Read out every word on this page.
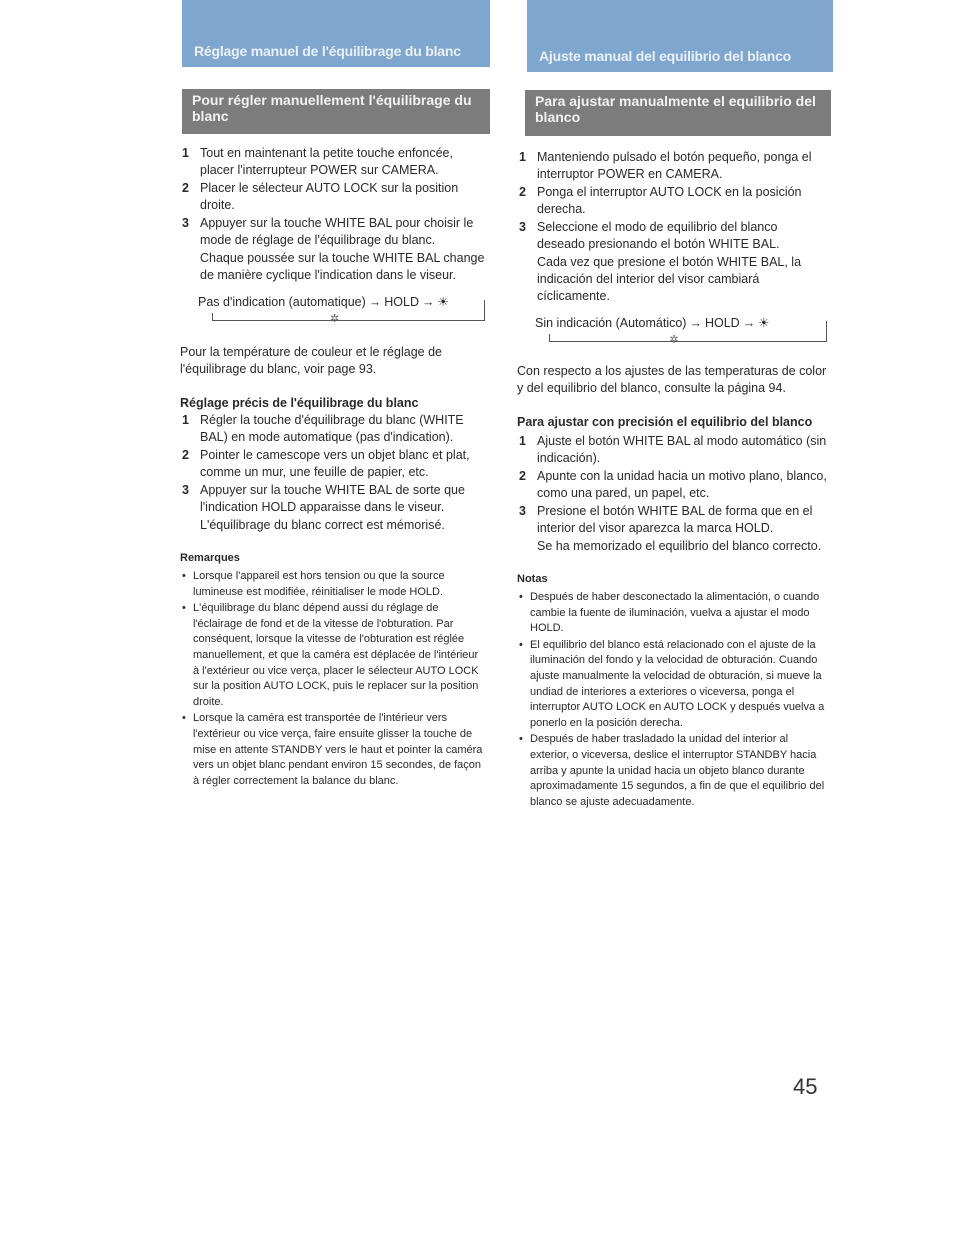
Réglage manuel de l'équilibrage du blanc
Pour régler manuellement l'équilibrage du blanc
1 Tout en maintenant la petite touche enfoncée, placer l'interrupteur POWER sur CAMERA.
2 Placer le sélecteur AUTO LOCK sur la position droite.
3 Appuyer sur la touche WHITE BAL pour choisir le mode de réglage de l'équilibrage du blanc.
Chaque poussée sur la touche WHITE BAL change de manière cyclique l'indication dans le viseur.
Pas d'indication (automatique) → HOLD → ☀
✲

Pour la température de couleur et le réglage de l'équilibrage du blanc, voir page 93.

Réglage précis de l'équilibrage du blanc
1 Régler la touche d'équilibrage du blanc (WHITE BAL) en mode automatique (pas d'indication).
2 Pointer le camescope vers un objet blanc et plat, comme un mur, une feuille de papier, etc.
3 Appuyer sur la touche WHITE BAL de sorte que l'indication HOLD apparaisse dans le viseur.
L'équilibrage du blanc correct est mémorisé.
Remarques
• Lorsque l'appareil est hors tension ou que la source lumineuse est modifiée, réinitialiser le mode HOLD.
• L'équilibrage du blanc dépend aussi du réglage de l'éclairage de fond et de la vitesse de l'obturation. Par conséquent, lorsque la vitesse de l'obturation est réglée manuellement, et que la caméra est déplacée de l'intérieur à l'extérieur ou vice verça, placer le sélecteur AUTO LOCK sur la position AUTO LOCK, puis le replacer sur la position droite.
• Lorsque la caméra est transportée de l'intérieur vers l'extérieur ou vice verça, faire ensuite glisser la touche de mise en attente STANDBY vers le haut et pointer la caméra vers un objet blanc pendant environ 15 secondes, de façon à régler correctement la balance du blanc.
Ajuste manual del equilibrio del blanco
Para ajustar manualmente el equilibrio del blanco
1 Manteniendo pulsado el botón pequeño, ponga el interruptor POWER en CAMERA.
2 Ponga el interruptor AUTO LOCK en la posición derecha.
3 Seleccione el modo de equilibrio del blanco deseado presionando el botón WHITE BAL.
Cada vez que presione el botón WHITE BAL, la indicación del interior del visor cambiará cíclicamente.
Sin indicación (Automático) → HOLD → ☀
✲

Con respecto a los ajustes de las temperaturas de color y del equilibrio del blanco, consulte la página 94.

Para ajustar con precisión el equilibrio del blanco
1 Ajuste el botón WHITE BAL al modo automático (sin indicación).
2 Apunte con la unidad hacia un motivo plano, blanco, como una pared, un papel, etc.
3 Presione el botón WHITE BAL de forma que en el interior del visor aparezca la marca HOLD.
Se ha memorizado el equilibrio del blanco correcto.
Notas
• Después de haber desconectado la alimentación, o cuando cambie la fuente de iluminación, vuelva a ajustar el modo HOLD.
• El equilibrio del blanco está relacionado con el ajuste de la iluminación del fondo y la velocidad de obturación. Cuando ajuste manualmente la velocidad de obturación, si mueve la undiad de interiores a exteriores o viceversa, ponga el interruptor AUTO LOCK en AUTO LOCK y después vuelva a ponerlo en la posición derecha.
• Después de haber trasladado la unidad del interior al exterior, o viceversa, deslice el interruptor STANDBY hacia arriba y apunte la unidad hacia un objeto blanco durante aproximadamente 15 segundos, a fin de que el equilibrio del blanco se ajuste adecuadamente.
45
